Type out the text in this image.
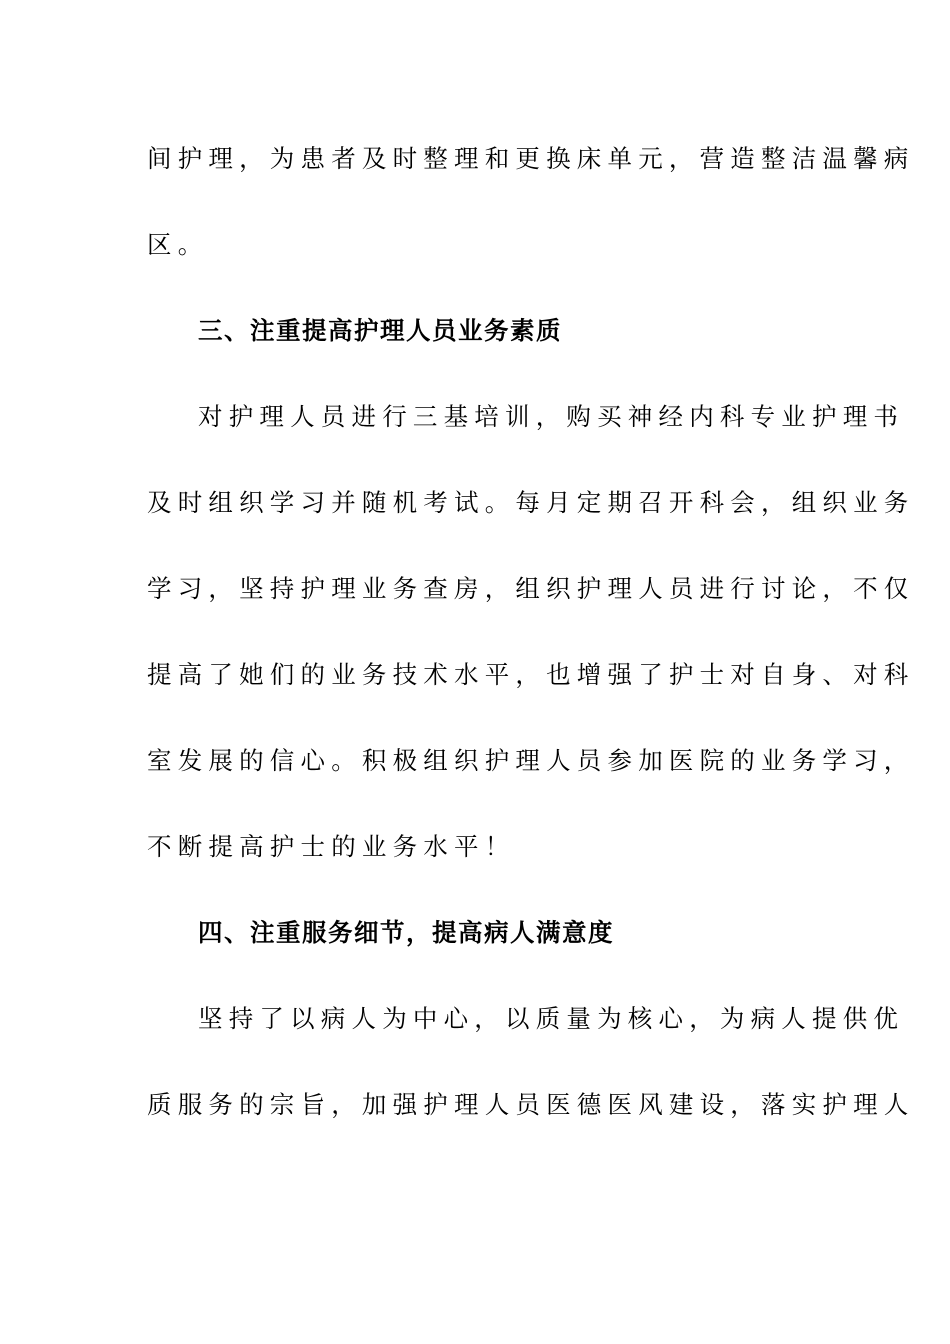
间护理，为患者及时整理和更换床单元，营造整洁温馨病
区。
三、注重提高护理人员业务素质
对护理人员进行三基培训，购买神经内科专业护理书
及时组织学习并随机考试。每月定期召开科会，组织业务
学习，坚持护理业务查房，组织护理人员进行讨论，不仅
提高了她们的业务技术水平，也增强了护士对自身、对科
室发展的信心。积极组织护理人员参加医院的业务学习，
不断提高护士的业务水平！
四、注重服务细节，提高病人满意度
坚持了以病人为中心，以质量为核心，为病人提供优
质服务的宗旨，加强护理人员医德医风建设，落实护理人
